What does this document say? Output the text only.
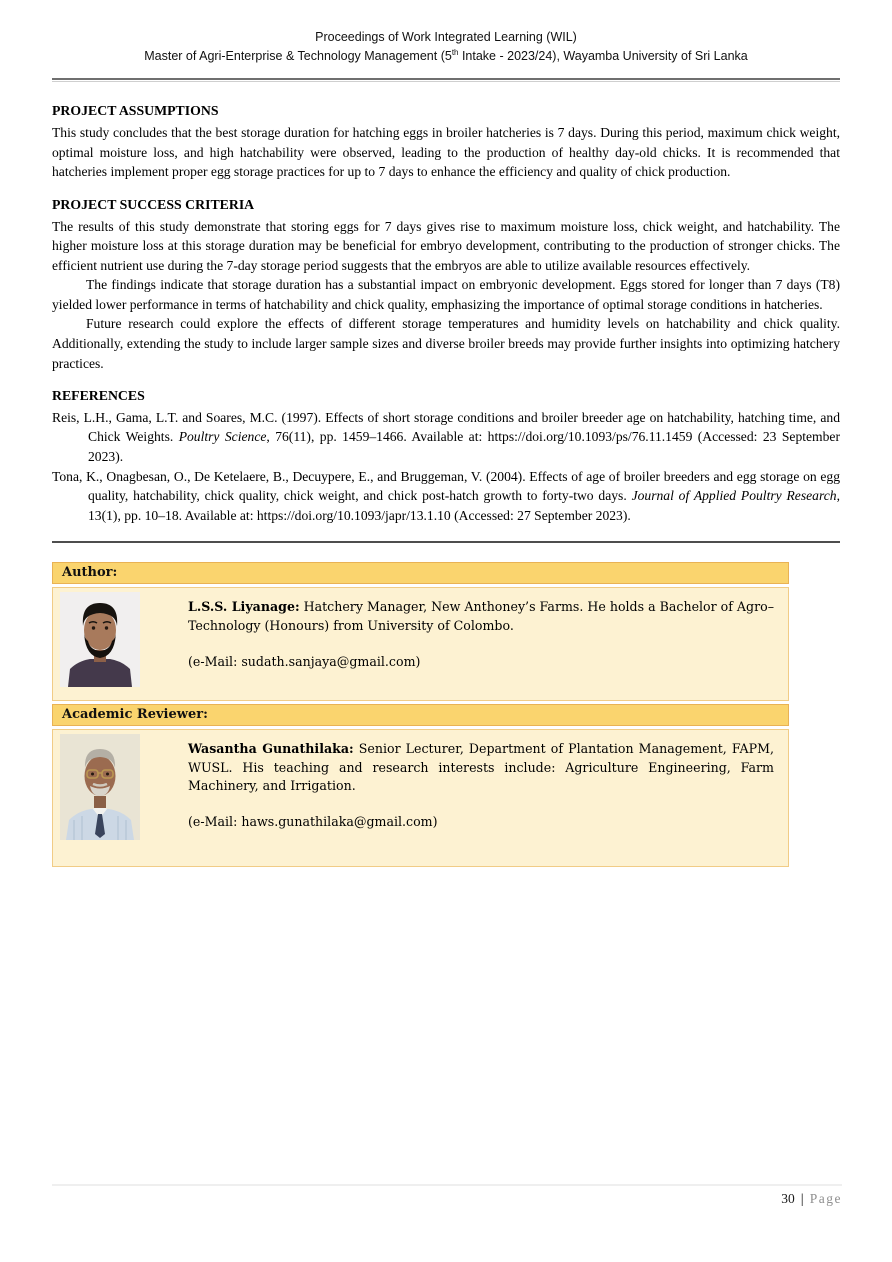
Proceedings of Work Integrated Learning (WIL)
Master of Agri-Enterprise & Technology Management (5th Intake - 2023/24), Wayamba University of Sri Lanka
PROJECT ASSUMPTIONS

This study concludes that the best storage duration for hatching eggs in broiler hatcheries is 7 days. During this period, maximum chick weight, optimal moisture loss, and high hatchability were observed, leading to the production of healthy day-old chicks. It is recommended that hatcheries implement proper egg storage practices for up to 7 days to enhance the efficiency and quality of chick production.

PROJECT SUCCESS CRITERIA

The results of this study demonstrate that storing eggs for 7 days gives rise to maximum moisture loss, chick weight, and hatchability. The higher moisture loss at this storage duration may be beneficial for embryo development, contributing to the production of stronger chicks. The efficient nutrient use during the 7-day storage period suggests that the embryos are able to utilize available resources effectively.

The findings indicate that storage duration has a substantial impact on embryonic development. Eggs stored for longer than 7 days (T8) yielded lower performance in terms of hatchability and chick quality, emphasizing the importance of optimal storage conditions in hatcheries.

Future research could explore the effects of different storage temperatures and humidity levels on hatchability and chick quality. Additionally, extending the study to include larger sample sizes and diverse broiler breeds may provide further insights into optimizing hatchery practices.

REFERENCES

Reis, L.H., Gama, L.T. and Soares, M.C. (1997). Effects of short storage conditions and broiler breeder age on hatchability, hatching time, and Chick Weights. Poultry Science, 76(11), pp. 1459–1466. Available at: https://doi.org/10.1093/ps/76.11.1459 (Accessed: 23 September 2023).

Tona, K., Onagbesan, O., De Ketelaere, B., Decuypere, E., and Bruggeman, V. (2004). Effects of age of broiler breeders and egg storage on egg quality, hatchability, chick quality, chick weight, and chick post-hatch growth to forty-two days. Journal of Applied Poultry Research, 13(1), pp. 10–18. Available at: https://doi.org/10.1093/japr/13.1.10 (Accessed: 27 September 2023).

Author:
L.S.S. Liyanage: Hatchery Manager, New Anthoney’s Farms. He holds a Bachelor of Agro–Technology (Honours) from University of Colombo.
(e-Mail: sudath.sanjaya@gmail.com)
Academic Reviewer:
Wasantha Gunathilaka: Senior Lecturer, Department of Plantation Management, FAPM, WUSL. His teaching and research interests include: Agriculture Engineering, Farm Machinery, and Irrigation.
(e-Mail: haws.gunathilaka@gmail.com)
30 | Page
